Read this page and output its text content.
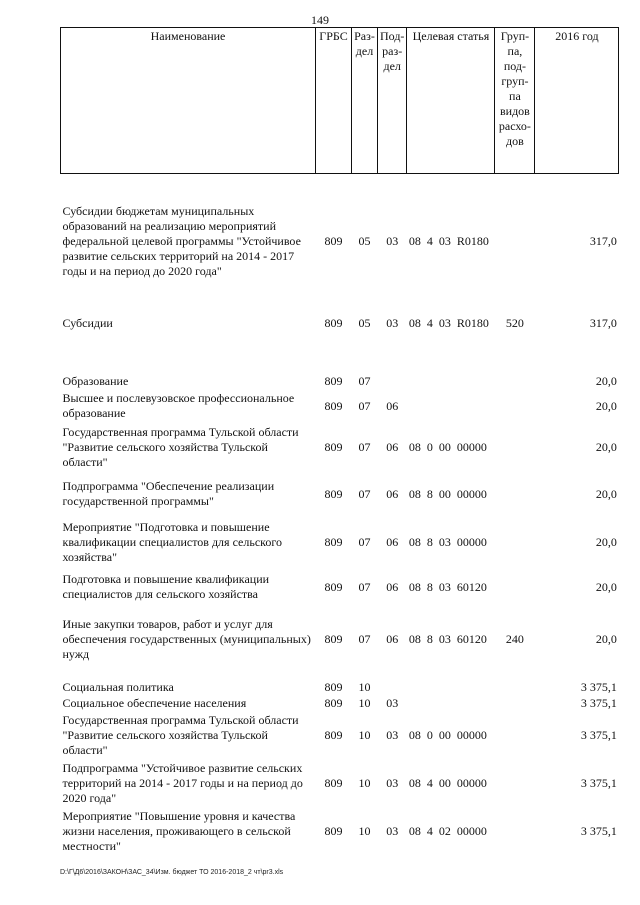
149
Наименование	ГРБС	Раз-дел	Под-раз-дел	Целевая статья	Груп-па, под-груп-па видов расхо-дов	2016 год

Субсидии бюджетам муниципальных образований на реализацию мероприятий федеральной целевой программы "Устойчивое развитие сельских территорий на 2014 - 2017 годы и на период до 2020 года"	809	05	03	08  4  03  R0180		317,0
Субсидии	809	05	03	08  4  03  R0180	520	317,0
Образование	809	07				20,0
Высшее и послевузовское профессиональное образование	809	07	06			20,0
Государственная программа Тульской области "Развитие сельского хозяйства Тульской области"	809	07	06	08  0  00  00000		20,0
Подпрограмма "Обеспечение реализации государственной программы"	809	07	06	08  8  00  00000		20,0
Мероприятие "Подготовка и повышение квалификации специалистов для сельского хозяйства"	809	07	06	08  8  03  00000		20,0
Подготовка и повышение квалификации специалистов для сельского хозяйства	809	07	06	08  8  03  60120		20,0
Иные закупки товаров, работ и услуг для обеспечения государственных (муниципальных) нужд	809	07	06	08  8  03  60120	240	20,0
Социальная политика	809	10				3 375,1
Социальное обеспечение населения	809	10	03			3 375,1
Государственная программа Тульской области "Развитие сельского хозяйства Тульской области"	809	10	03	08  0  00  00000		3 375,1
Подпрограмма "Устойчивое развитие сельских территорий на 2014 - 2017 годы и на период до 2020 года"	809	10	03	08  4  00  00000		3 375,1
Мероприятие "Повышение уровня и качества жизни населения, проживающего в сельской местности"	809	10	03	08  4  02  00000		3 375,1
D:\Г\Д6\2016\ЗАКОН\ЗАС_34\Изм. бюджет ТО 2016-2018_2 чт\pr3.xls
